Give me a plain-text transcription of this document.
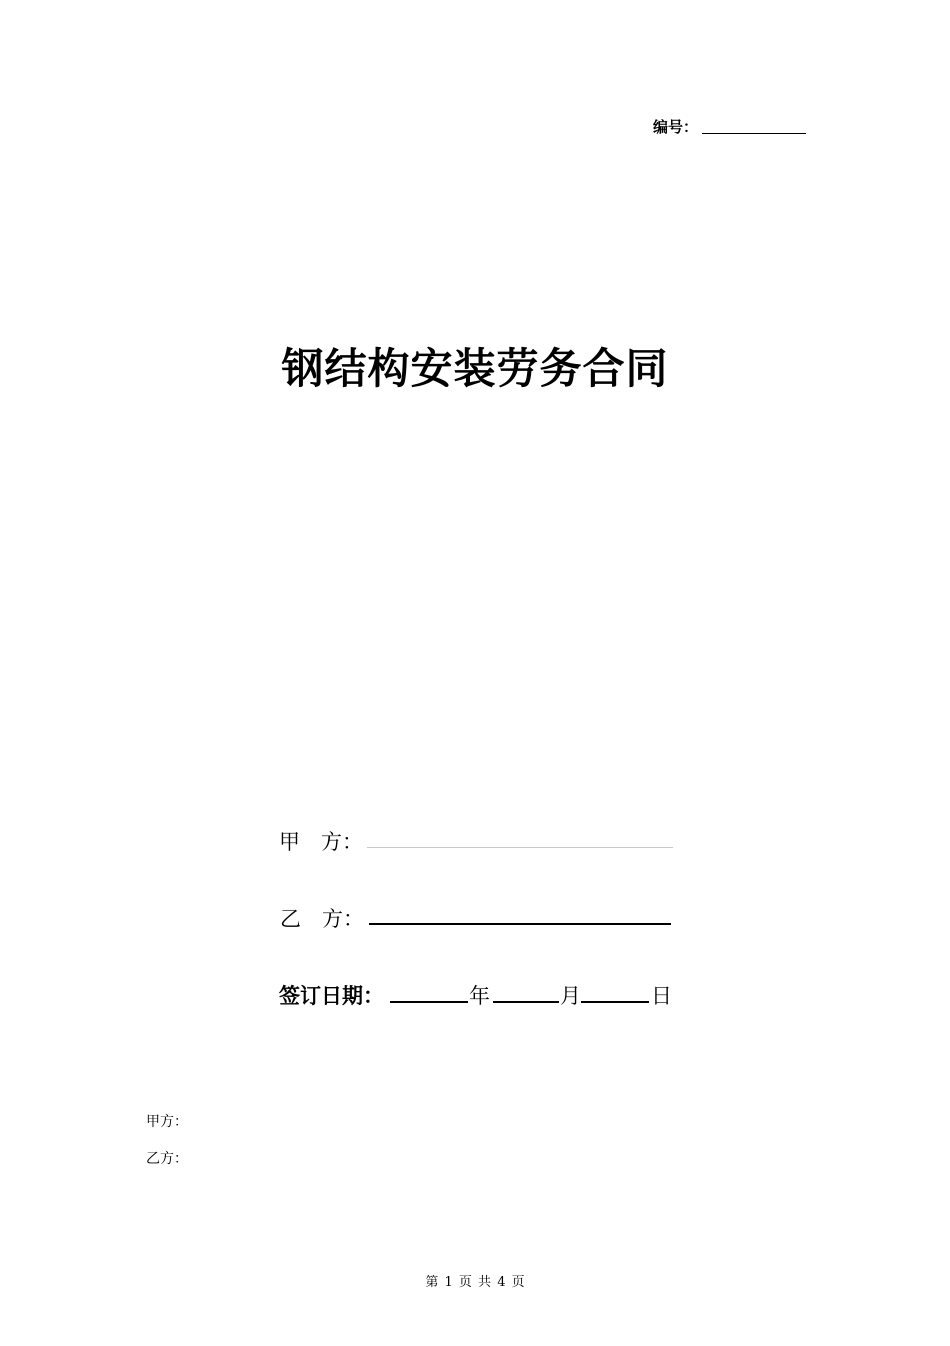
编号：
钢结构安装劳务合同
甲　方：
乙　方：
签订日期：	年	月	日
甲方：
乙方：
第 1 页 共 4 页
